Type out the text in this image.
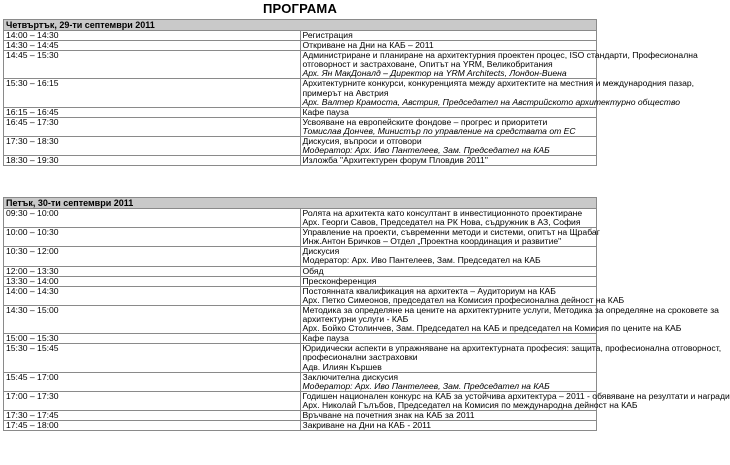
ПРОГРАМА
Четвъртък, 29-ти септември 2011	
14:00 – 14:30	Регистрация

14:30 – 14:45	Откриване на Дни на КАБ – 2011

14:45 – 15:30	Администриране и планиране на архитектурния проектен процес, ISO стандарти, Професионална
отговорност и застраховане, Опитът на YRM, Великобритания
Арх. Ян МакДоналд – Директор на YRM Architects, Лондон-Виена

15:30 – 16:15	Архитектурните конкурси, конкуренцията между архитектите на местния и международния пазар,
примерът на Австрия
Арх. Валтер Крамоста, Австрия, Председател на Австрийското архитектурно общество

16:15 – 16:45	Кафе пауза

16:45 – 17:30	Усвояване на европейските фондове – прогрес и приоритети
Томислав Дончев, Министър по управление на средствата от ЕС

17:30 – 18:30	Дискусия, въпроси и отговори
Модератор: Арх. Иво Пантелеев, Зам. Председател на КАБ

18:30 – 19:30	Изложба "Архитектурен форум Пловдив 2011"
Петък, 30-ти септември 2011	
09:30 – 10:00	Ролята на архитекта като консултант в инвестиционното проектиране
Арх. Георги Савов, Председател на РК Нова, съдружник в АЗ, София

10:00 – 10:30	Управление на проекти, съвременни методи и системи, опитът на Щрабаг
Инж.Антон Бричков – Отдел „Проектна координация и развитие"

10:30 – 12:00	Дискусия
Модератор: Арх. Иво Пантелеев, Зам. Председател на КАБ

12:00 – 13:30	Обяд

13:30 – 14:00	Пресконференция

14:00 – 14:30	Постоянната квалификация на архитекта – Аудиториум на КАБ
Арх. Петко Симеонов, председател на Комисия професионална дейност на КАБ

14:30 – 15:00	Методика за определяне на цените на архитектурните услуги, Методика за определяне на сроковете за
архитектурни услуги - КАБ
Арх. Бойко Столинчев, Зам. Председател на КАБ и председател на Комисия по цените на КАБ

15:00 – 15:30	Кафе пауза

15:30 – 15:45	Юридически аспекти в упражняване на архитектурната професия: защита, професионална отговорност,
професионални застраховки
Адв. Илиян Кършев

15:45 – 17:00	Заключителна дискусия
Модератор: Арх. Иво Пантелеев, Зам. Председател на КАБ

17:00 – 17:30	Годишен национален конкурс на КАБ за устойчива архитектура – 2011 - обявяване на резултати и награди
Арх. Николай Гълъбов, Председател на Комисия по международна дейност на КАБ

17:30 – 17:45	Връчване на почетния знак на КАБ за 2011

17:45 – 18:00	Закриване на Дни на КАБ - 2011
